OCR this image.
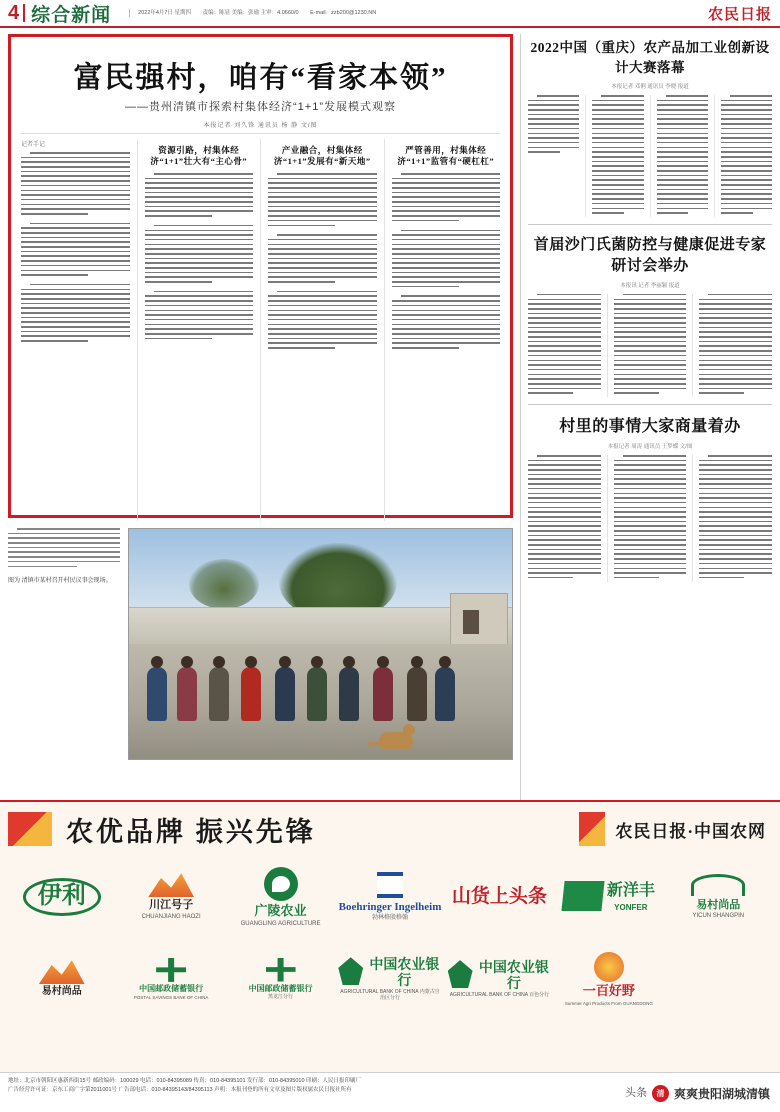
4 综合新闻	2022年4月7日 星期四 责编：陈显 美编：张瑜 主审：4.0660/0 E-mail：zzb200@1230.NN	农民日报
富民强村，咱有“看家本领”
——贵州清镇市探索村集体经济“1+1”发展模式观察
本报记者 刘久锋 通讯员 杨 静 文/图
记者手记	资源引路，村集体经济“1+1”壮大有“主心骨”
产业融合，村集体经济“1+1”发展有“新天地”
严管善用，村集体经济“1+1”监管有“硬杠杠”
图为 清镇市某村召开村民议事会现场。
2022中国（重庆）农产品加工业创新设计大赛落幕
本报记者 邓俐 通讯员 李晓 报道
首届沙门氏菌防控与健康促进专家研讨会举办
本报讯 记者 李丽颖 报道
村里的事情大家商量着办
本报记者 周涛 通讯员 王梦蝶 文/图
农优品牌 振兴先锋	农民日报·中国农网
伊利	川江号子
CHUANJIANG HAOZI	广陵农业
GUANGLING AGRICULTURE
Boehringer Ingelheim
勃林格殷格翰
山货上头条	新洋丰
YONFER	易村尚品
YICUN SHANGPIN
易村尚品	中国邮政储蓄银行
POSTAL SAVINGS BANK OF CHINA
中国邮政储蓄银行
黑龙江分行
中国农业银行
AGRICULTURAL BANK OF CHINA 内蒙古自治区分行
中国农业银行
AGRICULTURAL BANK OF CHINA 百色分行	一百好野
Summer Agri Products From GUANGDONG
地址：北京市朝阳区惠新西街15号 邮政编码：100029 电话：010-84395089 传真：010-84395101 发行部：010-84395010 印刷：人民日报印刷厂
广告经营许可证：京东工商广字第2011001号 广告部电话：010-84395143/84395113 声明：本报刊登的所有文章及图片版权属农民日报社所有	头条	清 爽爽贵阳湖城清镇
